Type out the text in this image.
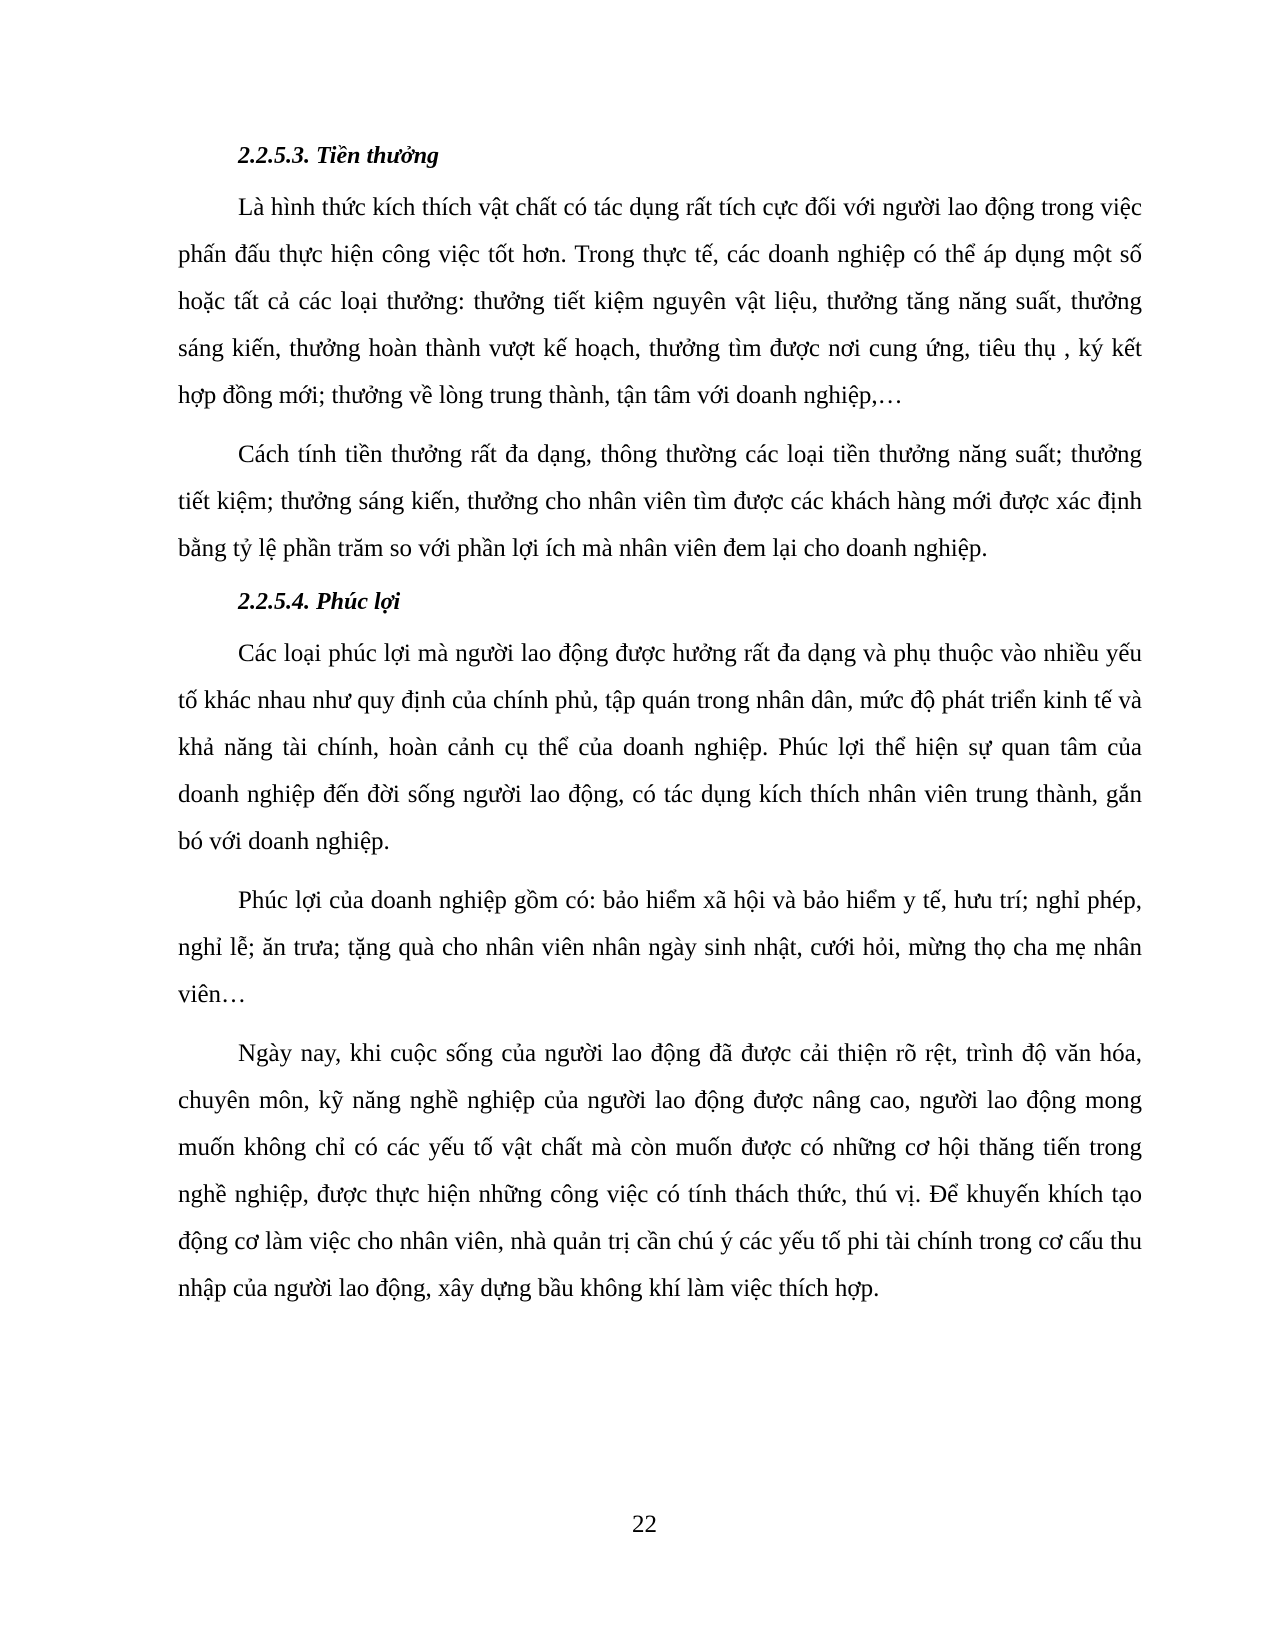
2.2.5.3. Tiền thưởng

Là hình thức kích thích vật chất có tác dụng rất tích cực đối với người lao động trong việc phấn đấu thực hiện công việc tốt hơn. Trong thực tế, các doanh nghiệp có thể áp dụng một số hoặc tất cả các loại thưởng: thưởng tiết kiệm nguyên vật liệu, thưởng tăng năng suất, thưởng sáng kiến, thưởng hoàn thành vượt kế hoạch, thưởng tìm được nơi cung ứng, tiêu thụ , ký kết hợp đồng mới; thưởng về lòng trung thành, tận tâm với doanh nghiệp,…

Cách tính tiền thưởng rất đa dạng, thông thường các loại tiền thưởng năng suất; thưởng tiết kiệm; thưởng sáng kiến, thưởng cho nhân viên tìm được các khách hàng mới được xác định bằng tỷ lệ phần trăm so với phần lợi ích mà nhân viên đem lại cho doanh nghiệp.

2.2.5.4. Phúc lợi

Các loại phúc lợi mà người lao động được hưởng rất đa dạng và phụ thuộc vào nhiều yếu tố khác nhau như quy định của chính phủ, tập quán trong nhân dân, mức độ phát triển kinh tế và khả năng tài chính, hoàn cảnh cụ thể của doanh nghiệp. Phúc lợi thể hiện sự quan tâm của doanh nghiệp đến đời sống người lao động, có tác dụng kích thích nhân viên trung thành, gắn bó với doanh nghiệp.

Phúc lợi của doanh nghiệp gồm có: bảo hiểm xã hội và bảo hiểm y tế, hưu trí; nghỉ phép, nghỉ lễ; ăn trưa; tặng quà cho nhân viên nhân ngày sinh nhật, cưới hỏi, mừng thọ cha mẹ nhân viên…

Ngày nay, khi cuộc sống của người lao động đã được cải thiện rõ rệt, trình độ văn hóa, chuyên môn, kỹ năng nghề nghiệp của người lao động được nâng cao, người lao động mong muốn không chỉ có các yếu tố vật chất mà còn muốn được có những cơ hội thăng tiến trong nghề nghiệp, được thực hiện những công việc có tính thách thức, thú vị. Để khuyến khích tạo động cơ làm việc cho nhân viên, nhà quản trị cần chú ý các yếu tố phi tài chính trong cơ cấu thu nhập của người lao động, xây dựng bầu không khí làm việc thích hợp.

22
